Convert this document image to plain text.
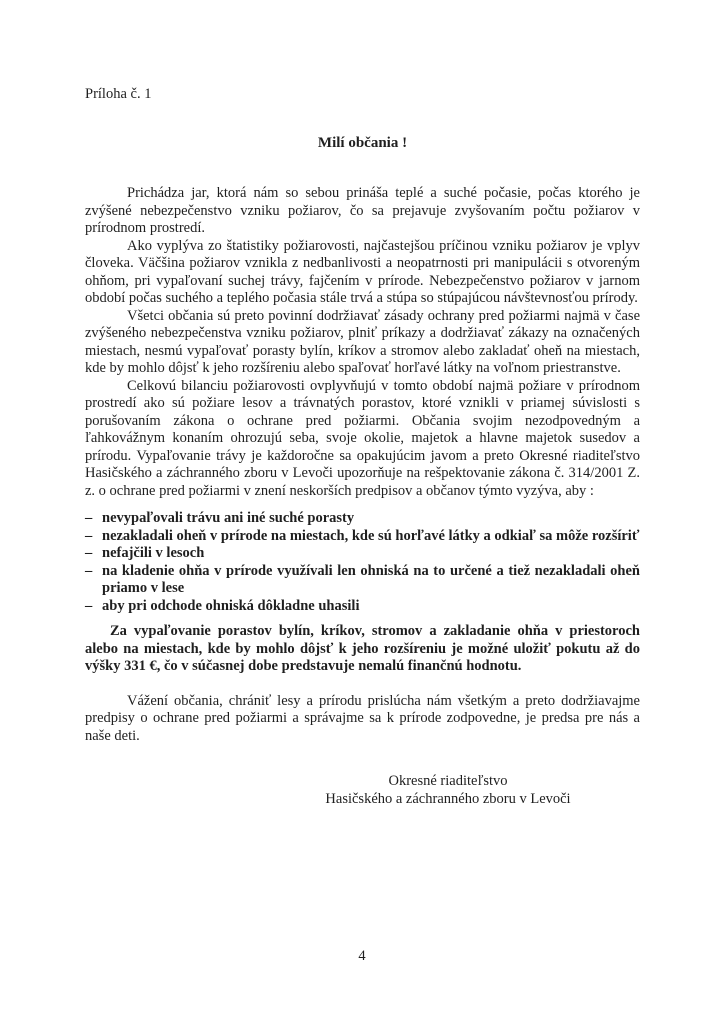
Príloha č. 1
Milí občania !

Prichádza jar, ktorá nám so sebou prináša teplé a suché počasie, počas ktorého je zvýšené nebezpečenstvo vzniku požiarov, čo sa prejavuje zvyšovaním počtu požiarov v prírodnom prostredí.

Ako vyplýva zo štatistiky požiarovosti, najčastejšou príčinou vzniku požiarov je vplyv človeka. Väčšina požiarov vznikla z nedbanlivosti a neopatrnosti pri manipulácii s otvoreným ohňom, pri vypaľovaní suchej trávy, fajčením v prírode. Nebezpečenstvo požiarov v jarnom období počas suchého a teplého počasia stále trvá a stúpa so stúpajúcou návštevnosťou prírody.

Všetci občania sú preto povinní dodržiavať zásady ochrany pred požiarmi najmä v čase zvýšeného nebezpečenstva vzniku požiarov, plniť príkazy a dodržiavať zákazy na označených miestach, nesmú vypaľovať porasty bylín, kríkov a stromov alebo zakladať oheň na miestach, kde by mohlo dôjsť k jeho rozšíreniu alebo spaľovať horľavé látky na voľnom priestranstve.

Celkovú bilanciu požiarovosti ovplyvňujú v tomto období najmä požiare v prírodnom prostredí ako sú požiare lesov a trávnatých porastov, ktoré vznikli v priamej súvislosti s porušovaním zákona o ochrane pred požiarmi. Občania svojim nezodpovedným a ľahkovážnym konaním ohrozujú seba, svoje okolie, majetok a hlavne majetok susedov a prírodu. Vypaľovanie trávy je každoročne sa opakujúcim javom a preto Okresné riaditeľstvo Hasičského a záchranného zboru v Levoči upozorňuje na rešpektovanie zákona č. 314/2001 Z. z. o ochrane pred požiarmi v znení neskorších predpisov a občanov týmto vyzýva, aby :

– nevypaľovali trávu ani iné suché porasty
– nezakladali oheň v prírode na miestach, kde sú horľavé látky a odkiaľ sa môže rozšíriť
– nefajčili v lesoch
– na kladenie ohňa v prírode využívali len ohniská na to určené a tiež nezakladali oheň priamo v lese
– aby pri odchode ohniská dôkladne uhasili

Za vypaľovanie porastov bylín, kríkov, stromov a zakladanie ohňa v priestoroch alebo na miestach, kde by mohlo dôjsť k jeho rozšíreniu je možné uložiť pokutu až do výšky 331 €, čo v súčasnej dobe predstavuje nemalú finančnú hodnotu.

Vážení občania, chrániť lesy a prírodu prislúcha nám všetkým a preto dodržiavajme predpisy o ochrane pred požiarmi a správajme sa k prírode zodpovedne, je predsa pre nás a naše deti.

Okresné riaditeľstvo
Hasičského a záchranného zboru v Levoči
4
